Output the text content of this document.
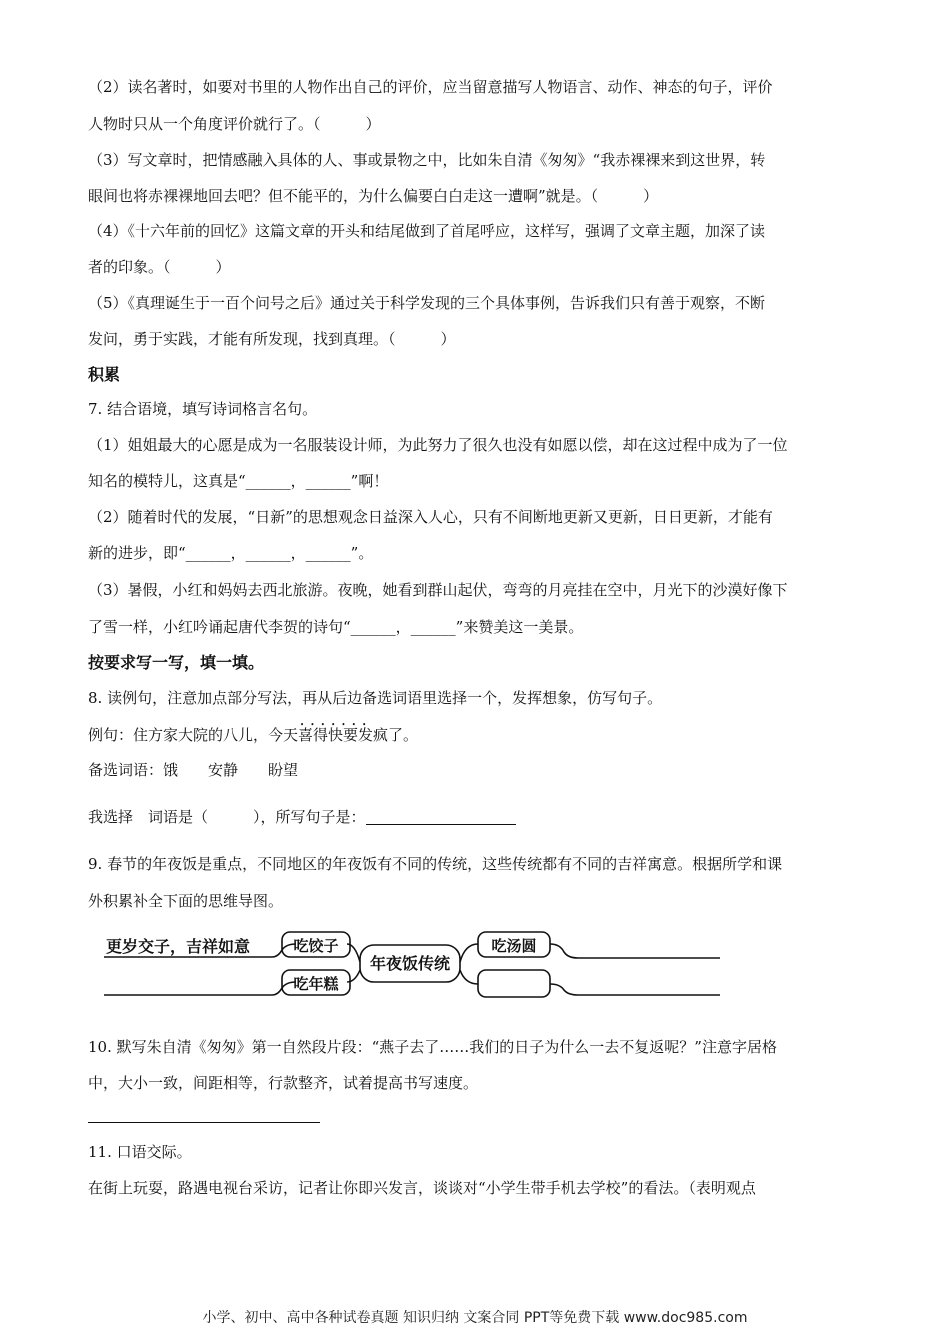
（2）读名著时，如要对书里的人物作出自己的评价，应当留意描写人物语言、动作、神态的句子，评价
人物时只从一个角度评价就行了。（　　　）
（3）写文章时，把情感融入具体的人、事或景物之中，比如朱自清《匆匆》“我赤裸裸来到这世界，转
眼间也将赤裸裸地回去吧？但不能平的，为什么偏要白白走这一遭啊”就是。（　　　）
（4）《十六年前的回忆》这篇文章的开头和结尾做到了首尾呼应，这样写，强调了文章主题，加深了读
者的印象。（　　　）
（5）《真理诞生于一百个问号之后》通过关于科学发现的三个具体事例，告诉我们只有善于观察，不断
发问，勇于实践，才能有所发现，找到真理。（　　　）
积累
7. 结合语境，填写诗词格言名句。
（1）姐姐最大的心愿是成为一名服装设计师，为此努力了很久也没有如愿以偿，却在这过程中成为了一位
知名的模特儿，这真是“______，______”啊！
（2）随着时代的发展，“日新”的思想观念日益深入人心，只有不间断地更新又更新，日日更新，才能有
新的进步，即“______，______，______”。
（3）暑假，小红和妈妈去西北旅游。夜晚，她看到群山起伏，弯弯的月亮挂在空中，月光下的沙漠好像下
了雪一样，小红吟诵起唐代李贺的诗句“______，______”来赞美这一美景。
按要求写一写，填一填。
8. 读例句，注意加点部分写法，再从后边备选词语里选择一个，发挥想象，仿写句子。
例句：住方家大院的八儿，今天• • • 喜得快要发疯了。
备选词语：饿　　安静　　盼望
我选择　词语是（　　　），所写句子是：
9. 春节的年夜饭是重点，不同地区的年夜饭有不同的传统，这些传统都有不同的吉祥寓意。根据所学和课
外积累补全下面的思维导图。
更岁交子，吉祥如意	吃饺子
吃年糕
年夜饭传统
吃汤圆
10. 默写朱自清《匆匆》第一自然段片段：“燕子去了……我们的日子为什么一去不复返呢？”注意字居格
中，大小一致，间距相等，行款整齐，试着提高书写速度。
11. 口语交际。
在街上玩耍，路遇电视台采访，记者让你即兴发言，谈谈对“小学生带手机去学校”的看法。（表明观点
小学、初中、高中各种试卷真题 知识归纳 文案合同 PPT等免费下载 www.doc985.com
